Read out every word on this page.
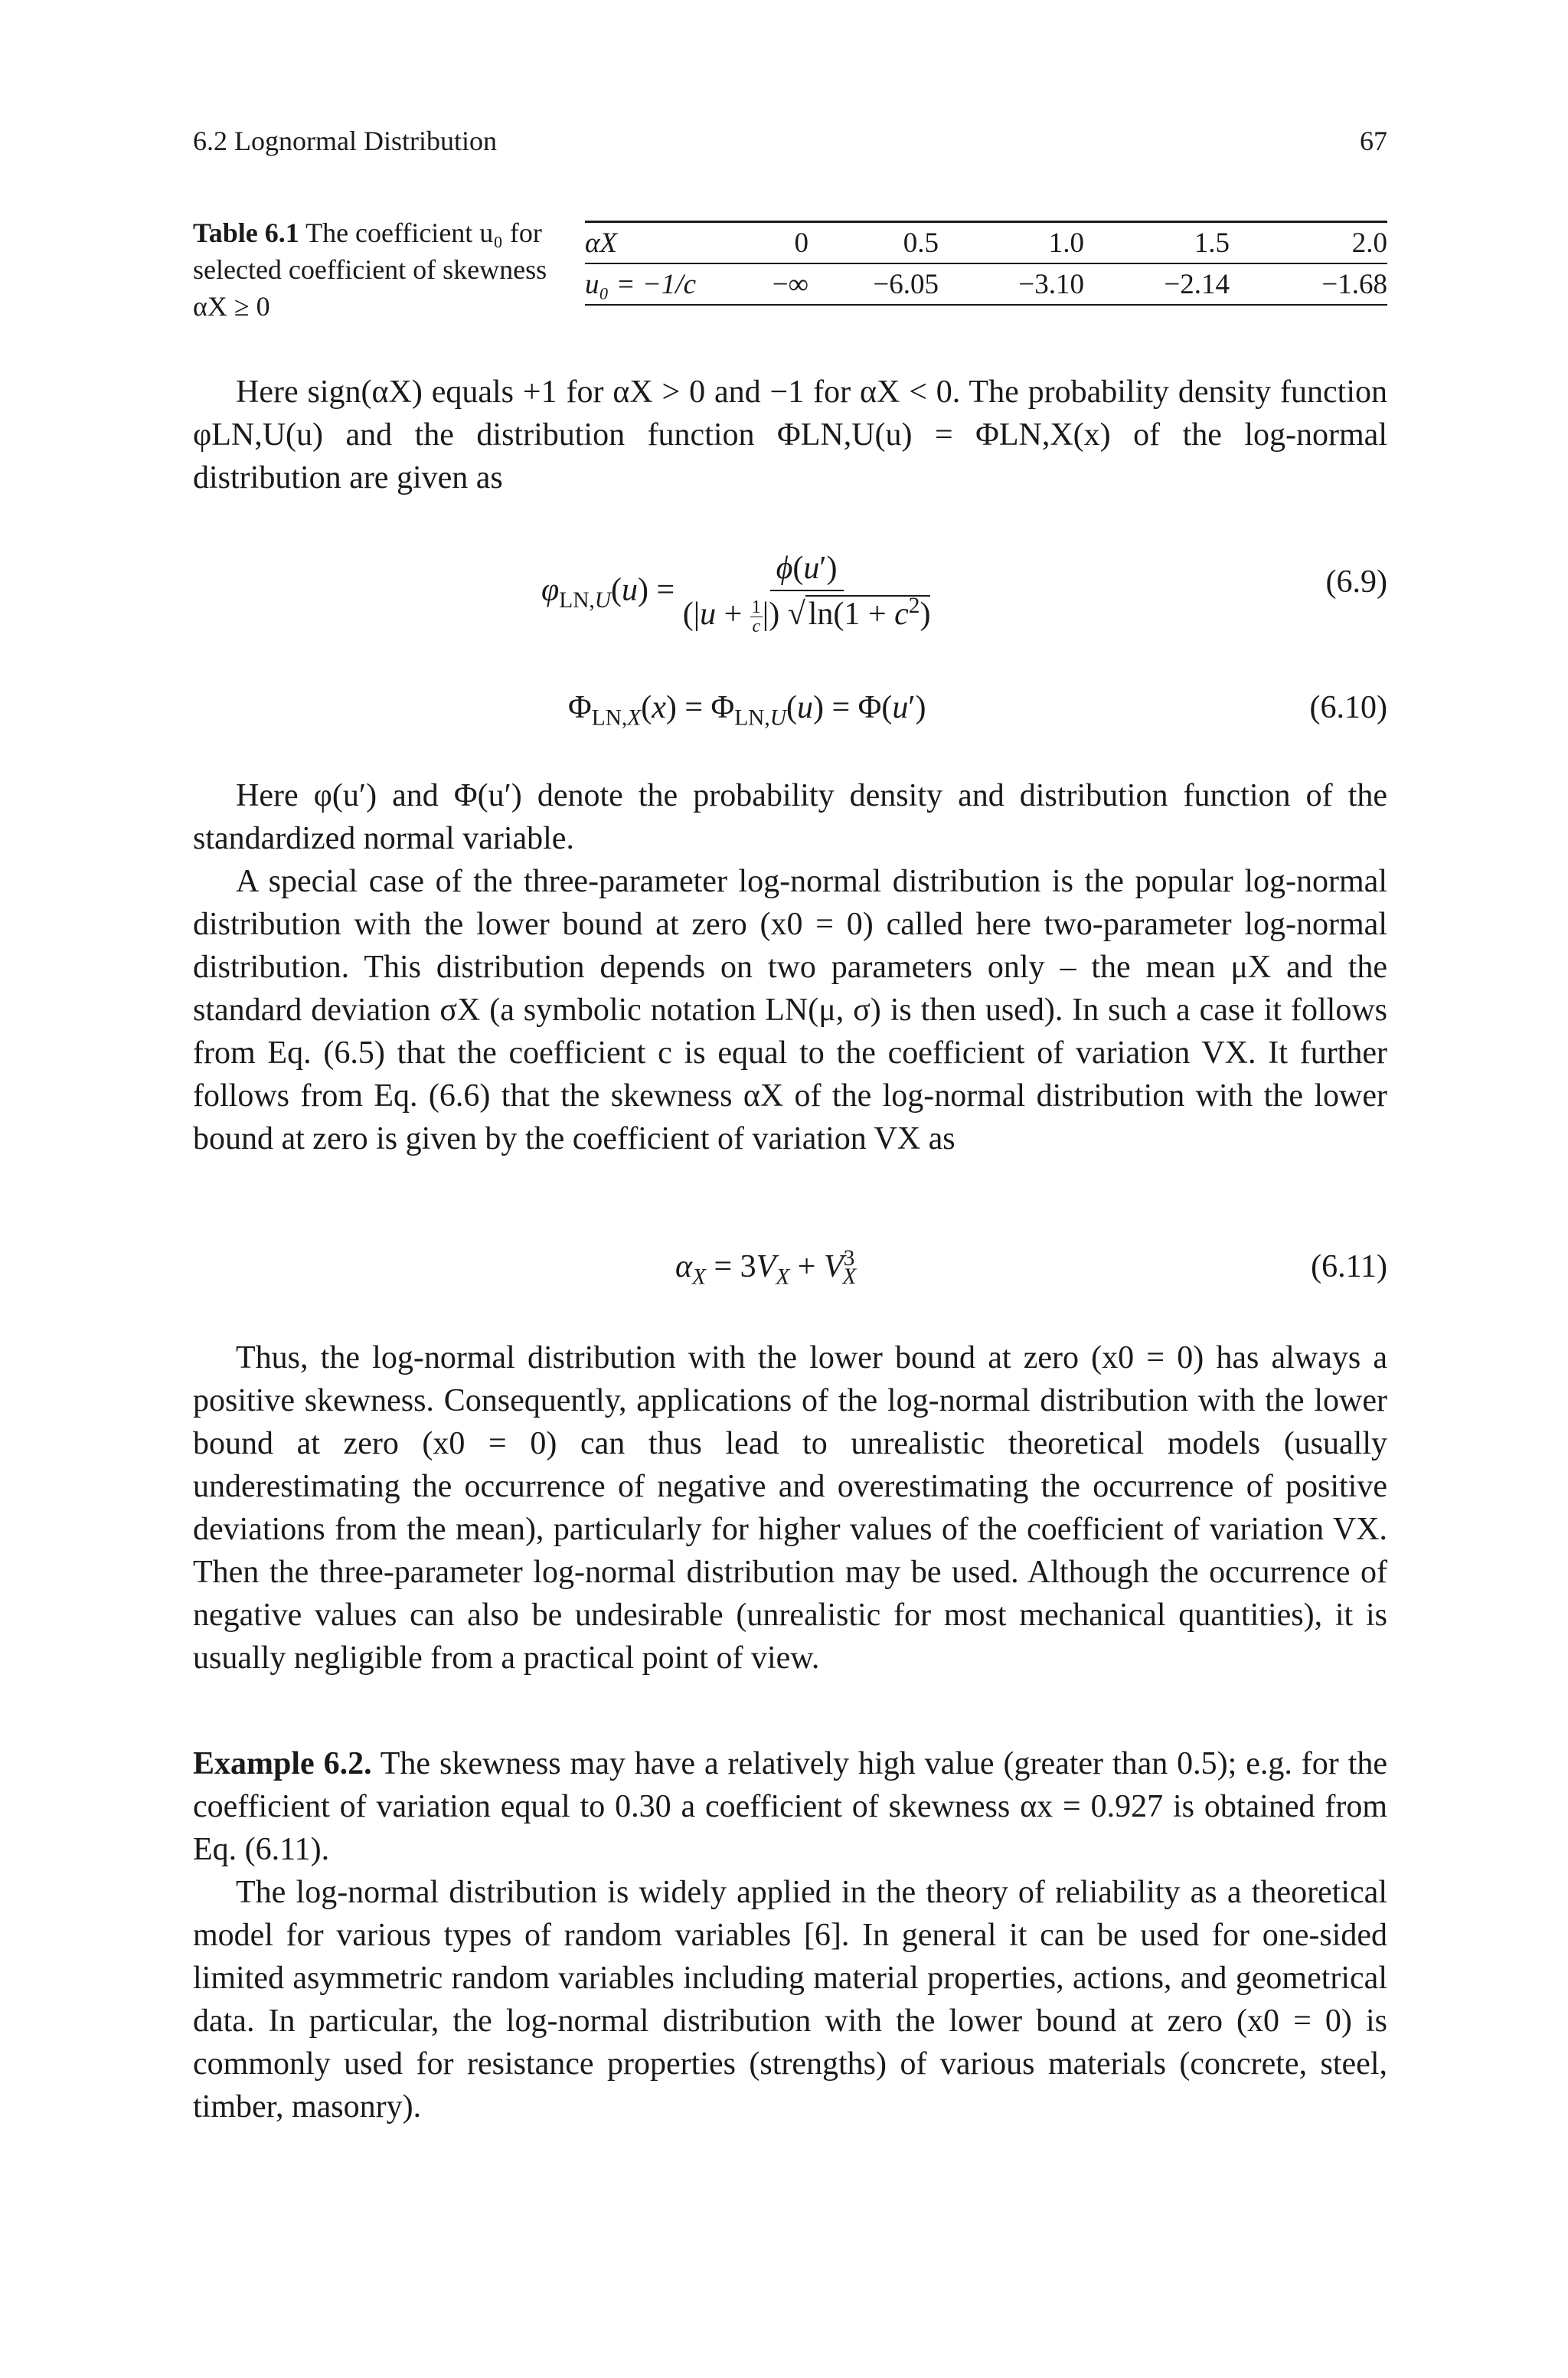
6.2 Lognormal Distribution	67
Table 6.1 The coefficient u₀ for selected coefficient of skewness αX ≥ 0
αX	0	0.5	1.0	1.5	2.0
u₀ = −1/c	−∞	−6.05	−3.10	−2.14	−1.68

Here sign(αX) equals +1 for αX > 0 and −1 for αX < 0. The probability density function φLN,U(u) and the distribution function ΦLN,U(u) = ΦLN,X(x) of the log-normal distribution are given as

$\varphi_{LN,U}(u) = \frac{\phi(u')}{(|u + \frac{1}{c} |) √\ln(1 + c^2)}$	(6.9)
$\Phi_{LN,X}(x) = \Phi_{LN,U}(u) = \Phi(u')$	(6.10)

Here φ(u′) and Φ(u′) denote the probability density and distribution function of the standardized normal variable.

A special case of the three-parameter log-normal distribution is the popular log-normal distribution with the lower bound at zero (x0 = 0) called here two-parameter log-normal distribution. This distribution depends on two parameters only – the mean μX and the standard deviation σX (a symbolic notation LN(μ, σ) is then used). In such a case it follows from Eq. (6.5) that the coefficient c is equal to the coefficient of variation VX. It further follows from Eq. (6.6) that the skewness αX of the log-normal distribution with the lower bound at zero is given by the coefficient of variation VX as

$\alpha_X = 3V_X + V^3_X$	(6.11)

Thus, the log-normal distribution with the lower bound at zero (x0 = 0) has always a positive skewness. Consequently, applications of the log-normal distribution with the lower bound at zero (x0 = 0) can thus lead to unrealistic theoretical models (usually underestimating the occurrence of negative and overestimating the occurrence of positive deviations from the mean), particularly for higher values of the coefficient of variation VX. Then the three-parameter log-normal distribution may be used. Although the occurrence of negative values can also be undesirable (unrealistic for most mechanical quantities), it is usually negligible from a practical point of view.

Example 6.2. The skewness may have a relatively high value (greater than 0.5); e.g. for the coefficient of variation equal to 0.30 a coefficient of skewness αx = 0.927 is obtained from Eq. (6.11).

The log-normal distribution is widely applied in the theory of reliability as a theoretical model for various types of random variables [6]. In general it can be used for one-sided limited asymmetric random variables including material properties, actions, and geometrical data. In particular, the log-normal distribution with the lower bound at zero (x0 = 0) is commonly used for resistance properties (strengths) of various materials (concrete, steel, timber, masonry).
